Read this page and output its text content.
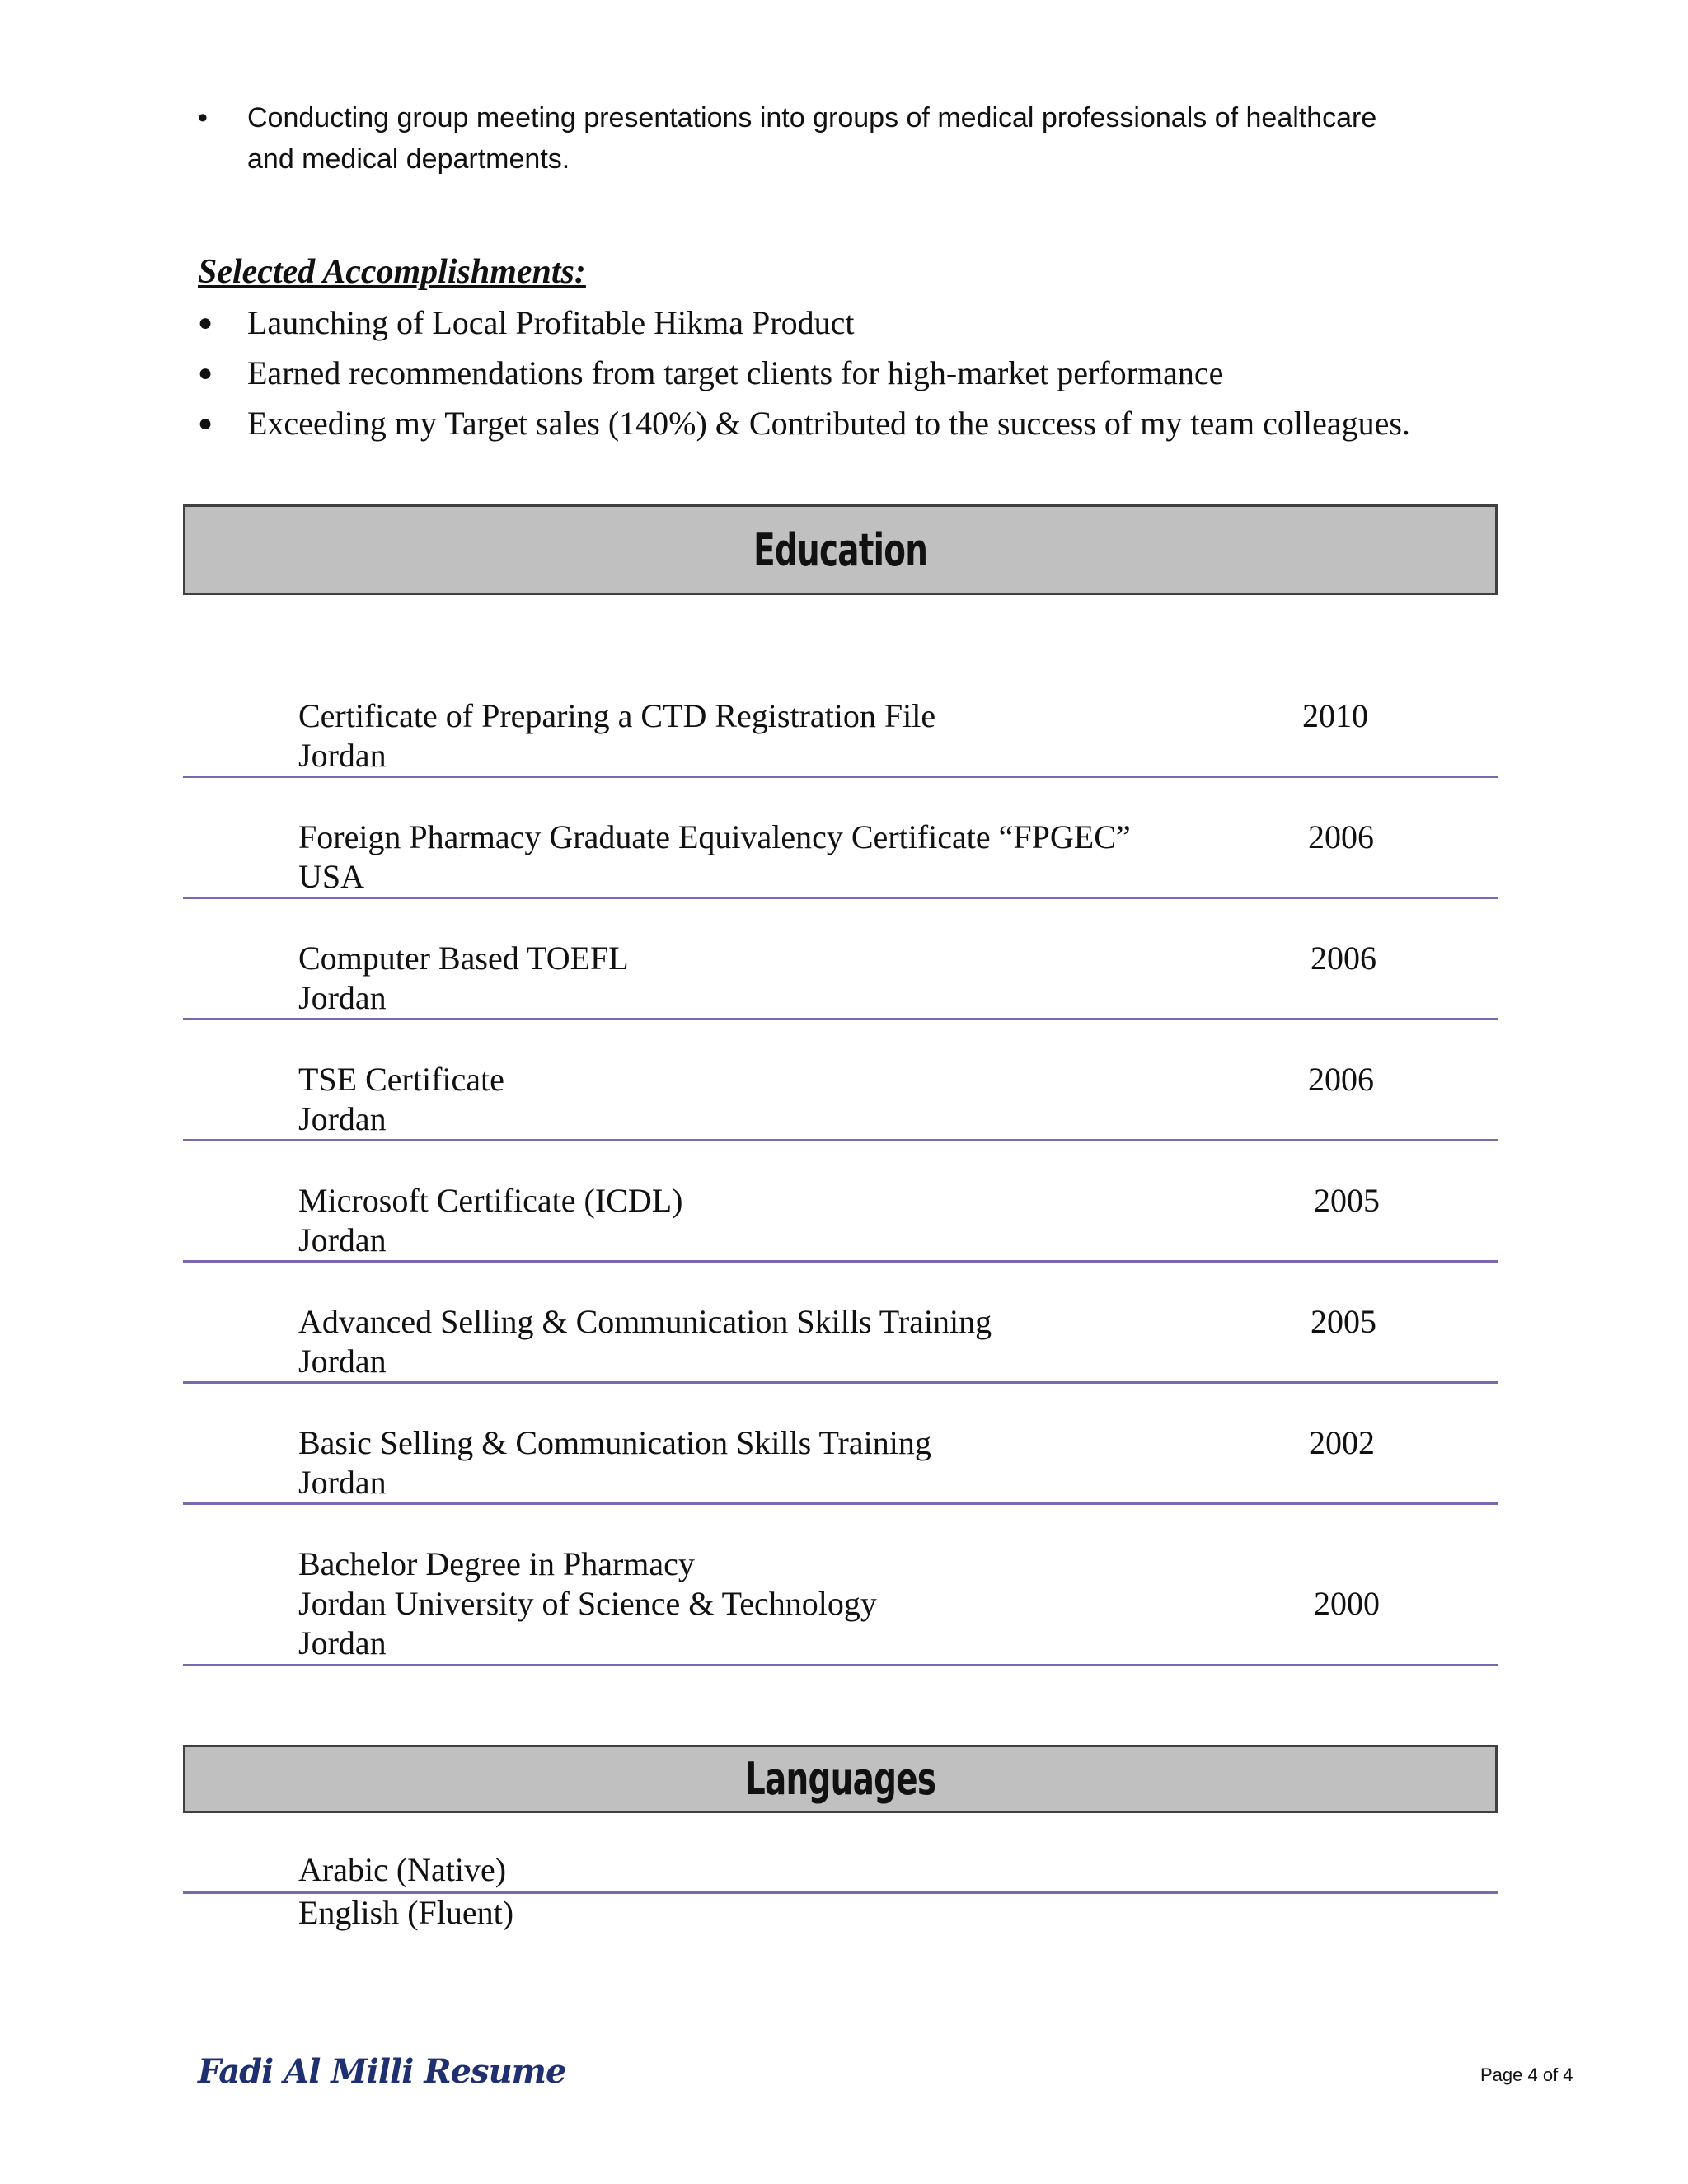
• Conducting group meeting presentations into groups of medical professionals of healthcare
and medical departments.
Selected Accomplishments:
● Launching of Local Profitable Hikma Product
● Earned recommendations from target clients for high-market performance
● Exceeding my Target sales (140%) & Contributed to the success of my team colleagues.
Education
Certificate of Preparing a CTD Registration File
Jordan
2010
Foreign Pharmacy Graduate Equivalency Certificate “FPGEC”
USA
2006
Computer Based TOEFL
Jordan
2006
TSE Certificate
Jordan
2006
Microsoft Certificate (ICDL)
Jordan
2005
Advanced Selling & Communication Skills Training
Jordan
2005
Basic Selling & Communication Skills Training
Jordan
2002
Bachelor Degree in Pharmacy
Jordan University of Science & Technology
Jordan
2000
Languages
Arabic (Native)
English (Fluent)
Fadi Al Milli Resume	Page 4 of 4
